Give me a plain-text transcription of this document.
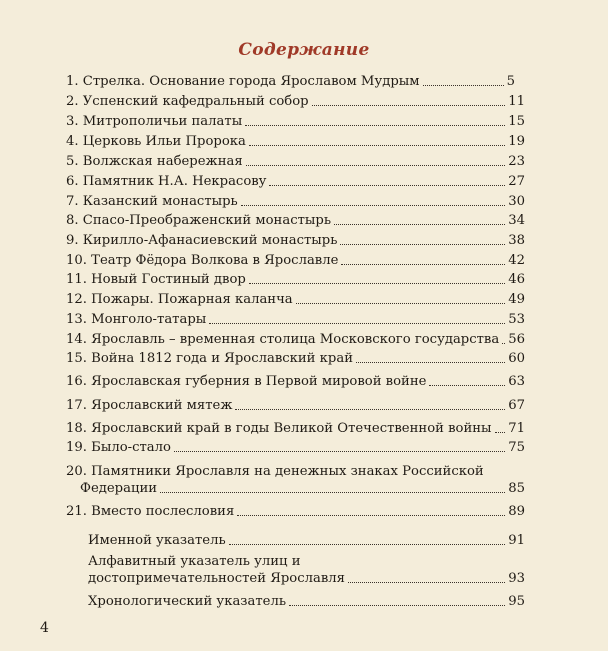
Содержание
1. Стрелка. Основание города Ярославом Мудрым	5
2. Успенский кафедральный собор	11
3. Митрополичьи палаты	15
4. Церковь Ильи Пророка	19
5. Волжская набережная	23
6. Памятник Н.А. Некрасову	27
7. Казанский монастырь	30
8. Спасо-Преображенский монастырь	34
9. Кирилло-Афанасиевский монастырь	38
10. Театр Фёдора Волкова в Ярославле	42
11. Новый Гостиный двор	46
12. Пожары. Пожарная каланча	49
13. Монголо-татары	53
14. Ярославль – временная столица Московского государства 56
15. Война 1812 года и Ярославский край	60
16. Ярославская губерния в Первой мировой войне	63
17. Ярославский мятеж	67
18. Ярославский край в годы Великой Отечественной войны 71
19. Было-стало	75
20. Памятники Ярославля на денежных знаках Российской
Федерации	85
21. Вместо послесловия	89
Именной указатель	91
Алфавитный указатель улиц и
достопримечательностей Ярославля	93
Хронологический указатель	95
4
